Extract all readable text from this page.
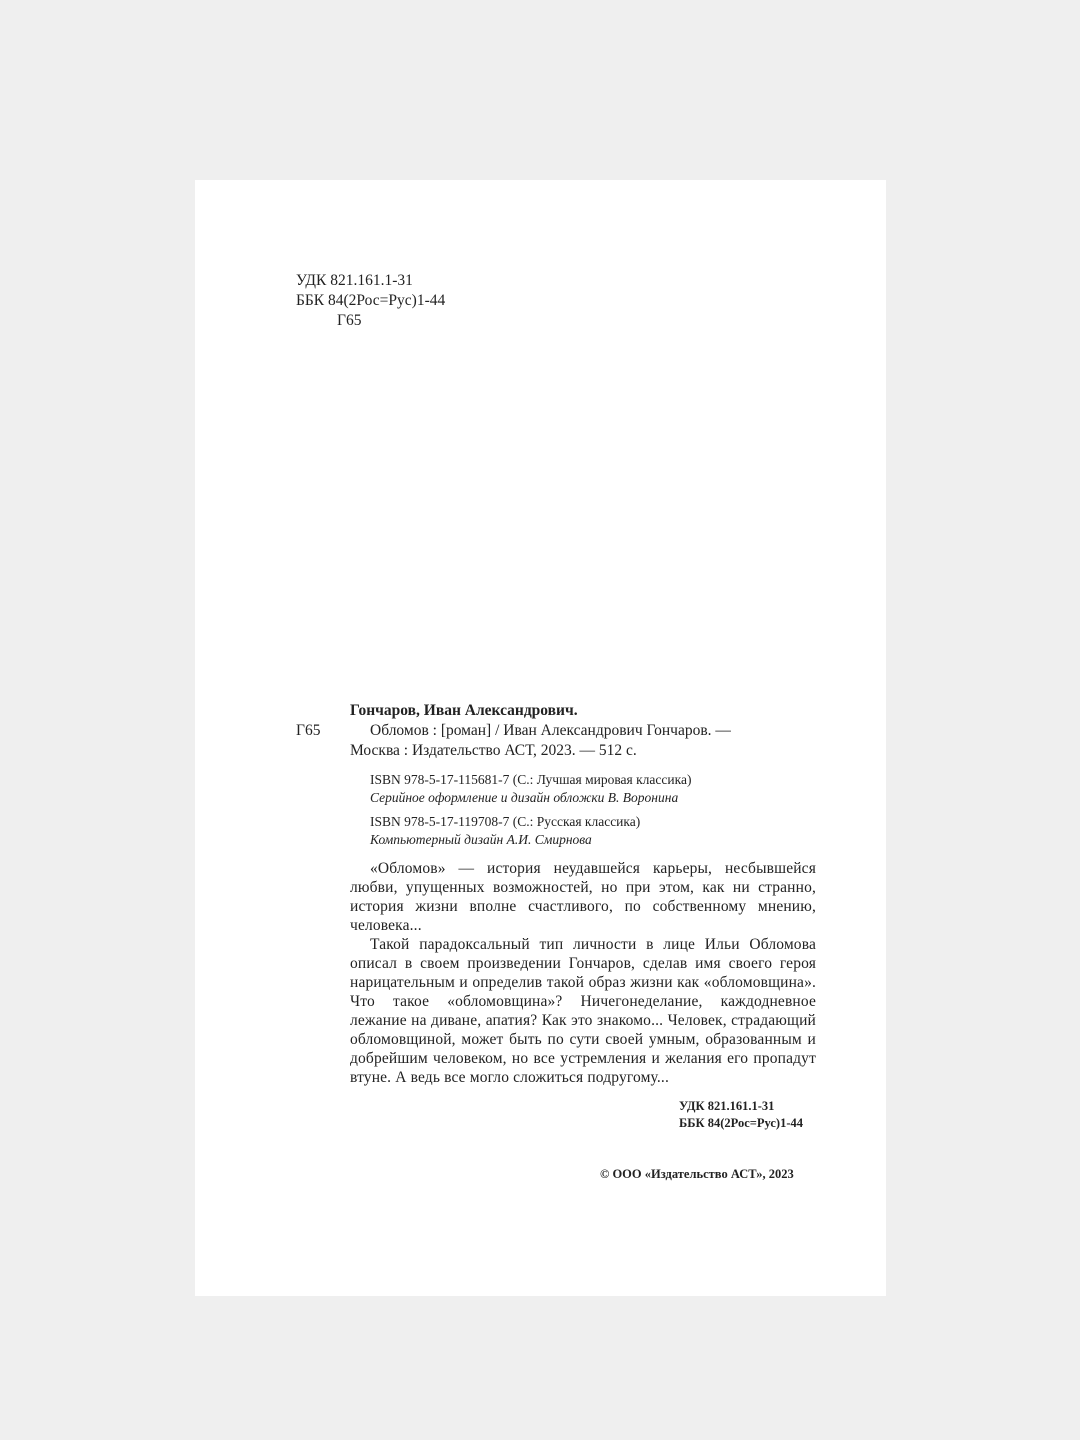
УДК 821.161.1-31
ББК 84(2Рос=Рус)1-44
Г65
Гончаров, Иван Александрович.
Г65	Обломов : [роман] / Иван Александрович Гончаров. —
Москва : Издательство АСТ, 2023. — 512 с.
ISBN 978-5-17-115681-7 (С.: Лучшая мировая классика)
Серийное оформление и дизайн обложки В. Воронина
ISBN 978-5-17-119708-7 (С.: Русская классика)
Компьютерный дизайн А.И. Смирнова

«Обломов» — история неудавшейся карьеры, несбывшейся любви, упущенных возможностей, но при этом, как ни странно, история жизни вполне счастливого, по собственному мнению, человека...

Такой парадоксальный тип личности в лице Ильи Обломова описал в своем произведении Гончаров, сделав имя своего героя нарицательным и определив такой образ жизни как «обломовщина». Что такое «обломовщина»? Ничегонеделание, каждодневное лежание на диване, апатия? Как это знакомо... Человек, страдающий обломовщиной, может быть по сути своей умным, образованным и добрейшим человеком, но все устремления и желания его пропадут втуне. А ведь все могло сложиться подругому...

УДК 821.161.1-31
ББК 84(2Рос=Рус)1-44
© ООО «Издательство АСТ», 2023
